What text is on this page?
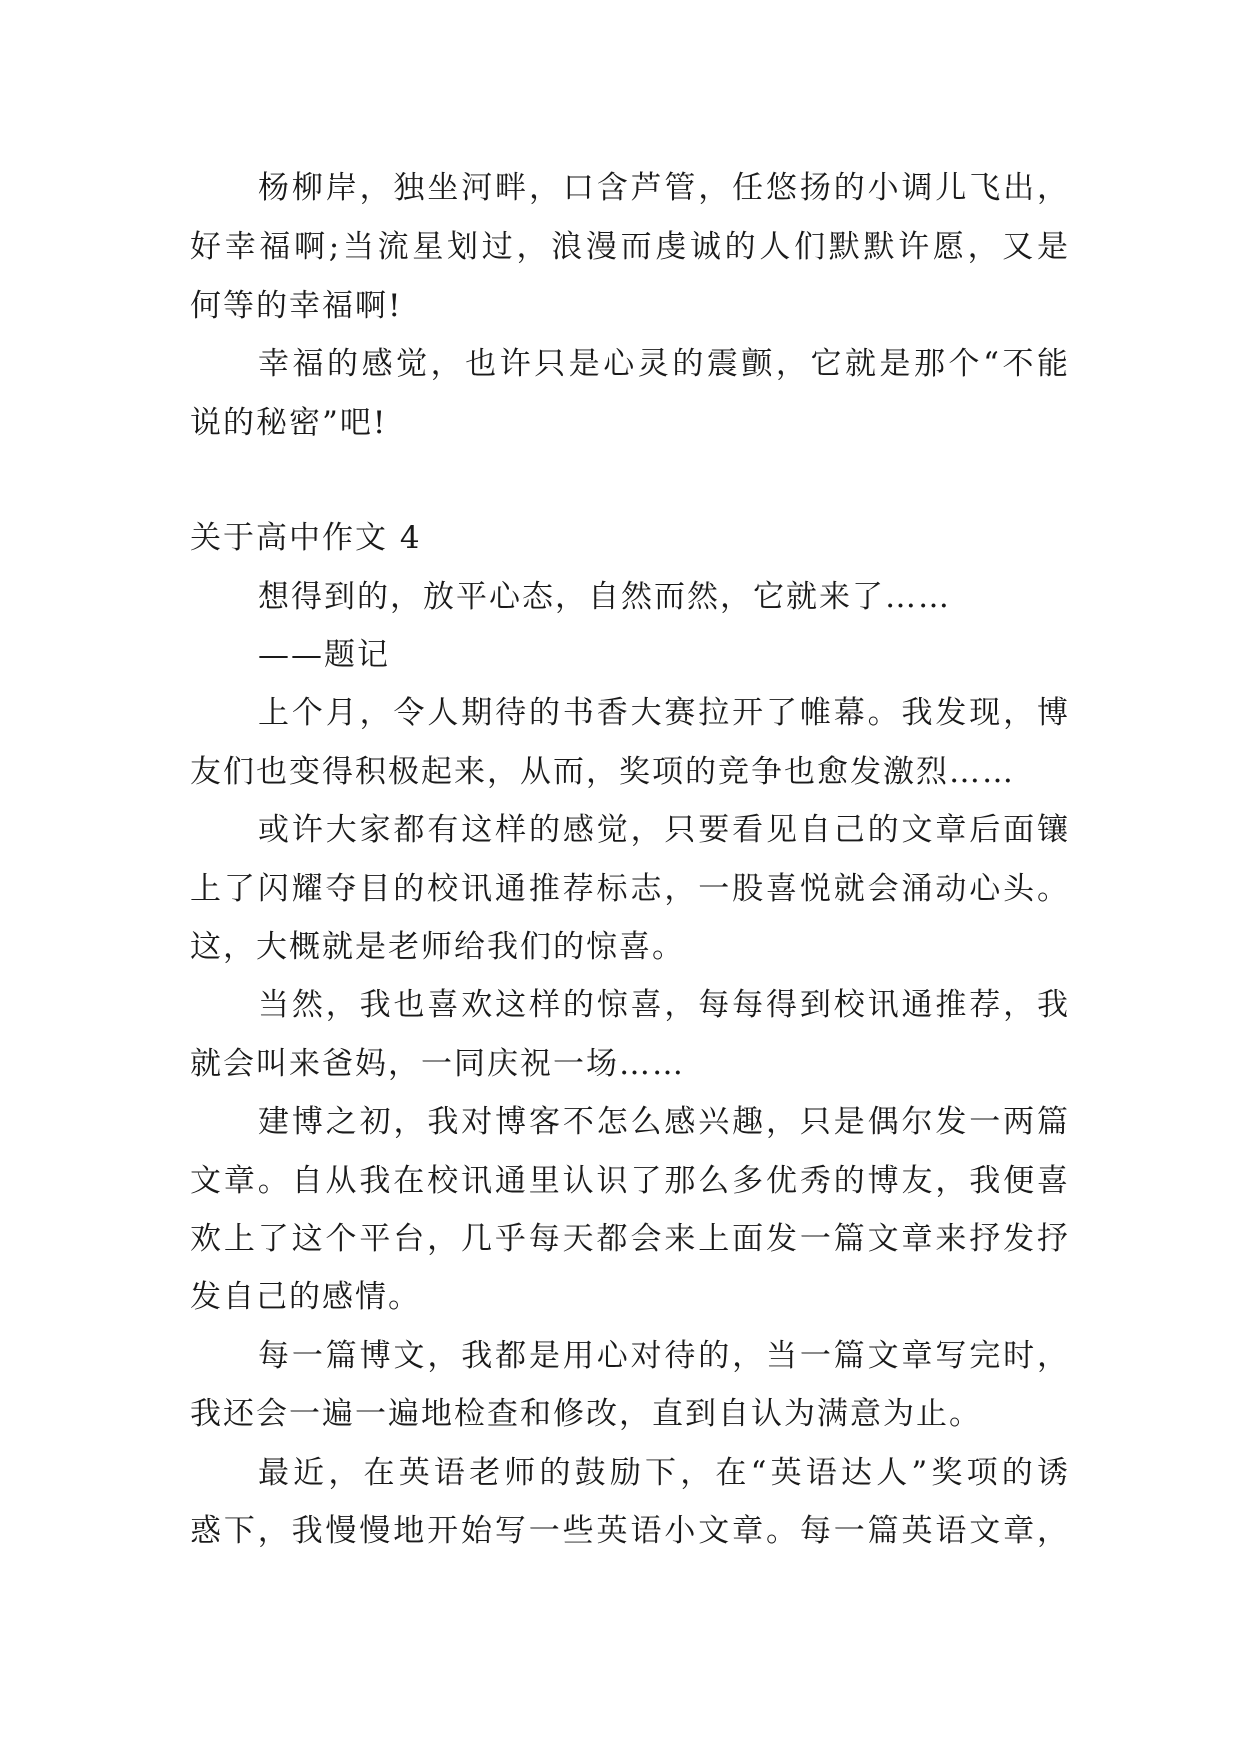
杨柳岸，独坐河畔，口含芦管，任悠扬的小调儿飞出，
好幸福啊;当流星划过，浪漫而虔诚的人们默默许愿，又是
何等的幸福啊!
幸福的感觉，也许只是心灵的震颤，它就是那个“不能
说的秘密”吧!
关于高中作文 4
想得到的，放平心态，自然而然，它就来了……
——题记
上个月，令人期待的书香大赛拉开了帷幕。我发现，博
友们也变得积极起来，从而，奖项的竞争也愈发激烈……
或许大家都有这样的感觉，只要看见自己的文章后面镶
上了闪耀夺目的校讯通推荐标志，一股喜悦就会涌动心头。
这，大概就是老师给我们的惊喜。
当然，我也喜欢这样的惊喜，每每得到校讯通推荐，我
就会叫来爸妈，一同庆祝一场……
建博之初，我对博客不怎么感兴趣，只是偶尔发一两篇
文章。自从我在校讯通里认识了那么多优秀的博友，我便喜
欢上了这个平台，几乎每天都会来上面发一篇文章来抒发抒
发自己的感情。
每一篇博文，我都是用心对待的，当一篇文章写完时，
我还会一遍一遍地检查和修改，直到自认为满意为止。
最近，在英语老师的鼓励下，在“英语达人”奖项的诱
惑下，我慢慢地开始写一些英语小文章。每一篇英语文章，
